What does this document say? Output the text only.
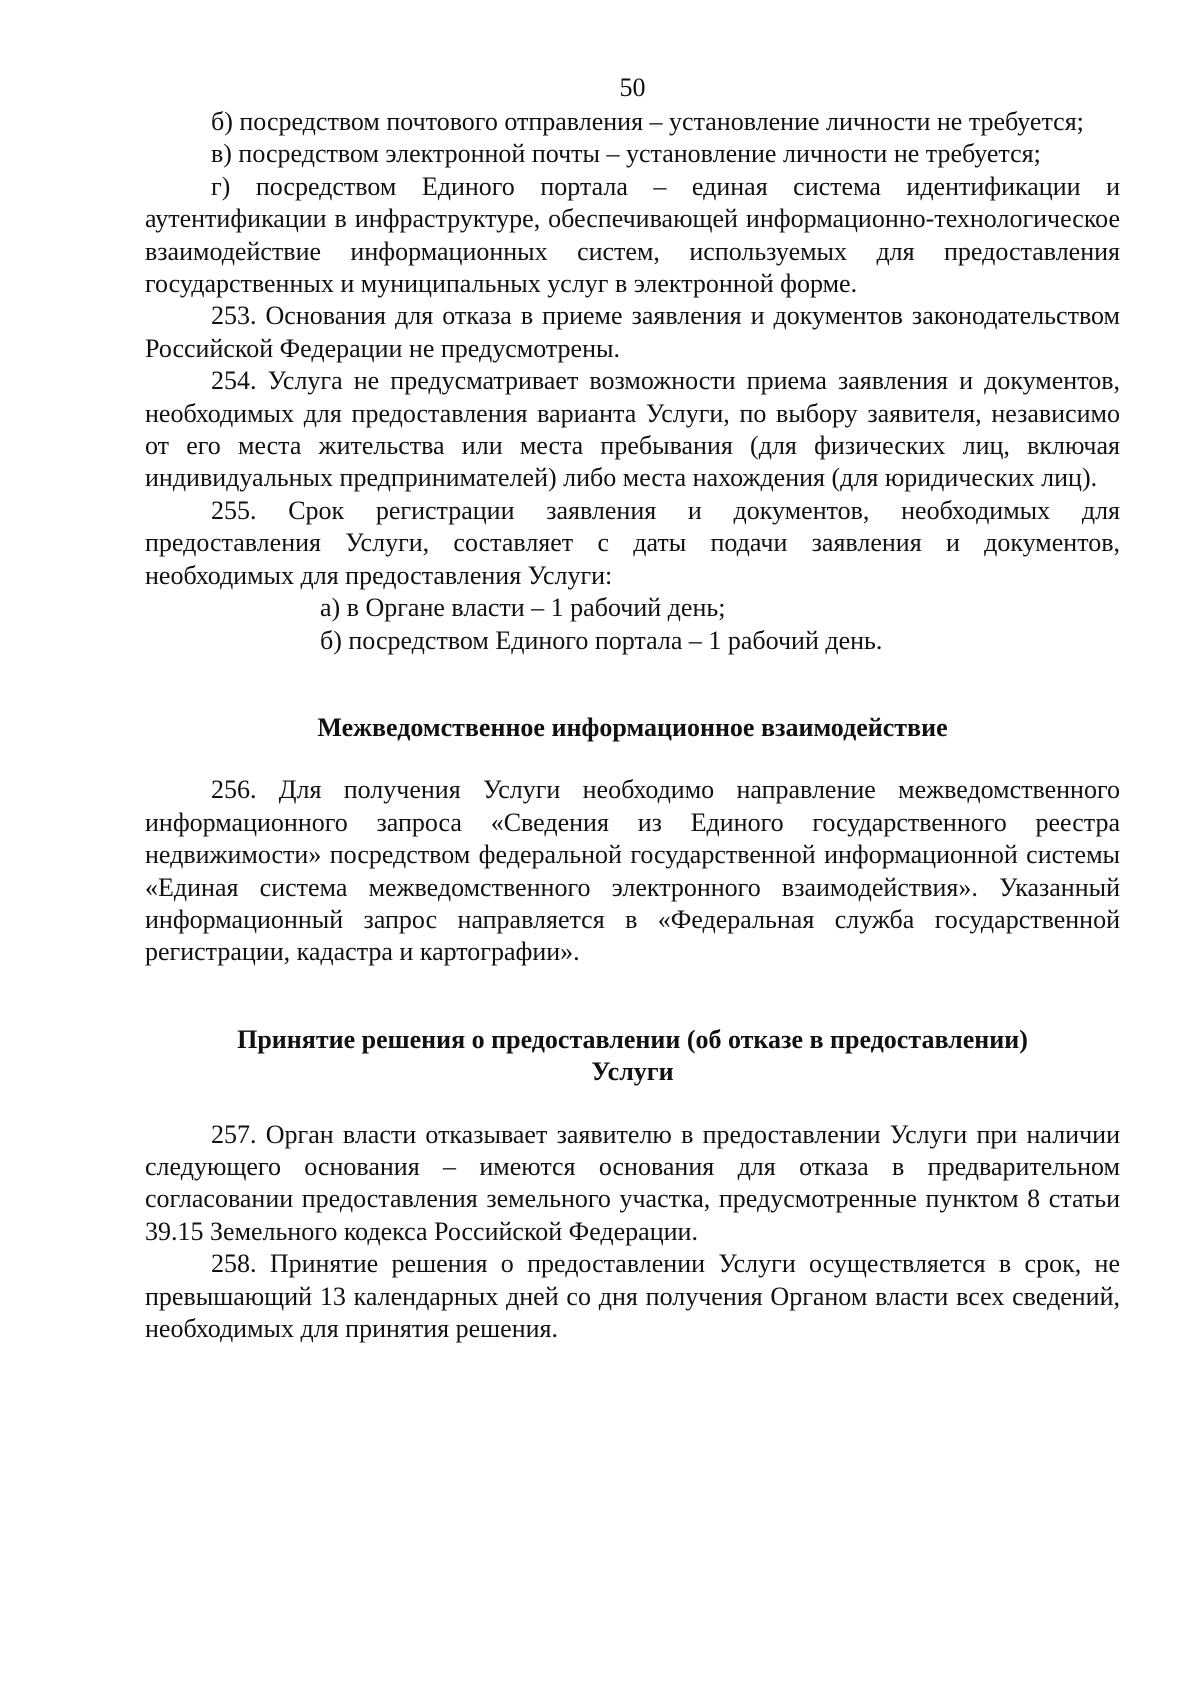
50

б) посредством почтового отправления – установление личности не требуется;

в) посредством электронной почты – установление личности не требуется;

г) посредством Единого портала – единая система идентификации и аутентификации в инфраструктуре, обеспечивающей информационно-технологическое взаимодействие информационных систем, используемых для предоставления государственных и муниципальных услуг в электронной форме.

253. Основания для отказа в приеме заявления и документов законодательством Российской Федерации не предусмотрены.

254. Услуга не предусматривает возможности приема заявления и документов, необходимых для предоставления варианта Услуги, по выбору заявителя, независимо от его места жительства или места пребывания (для физических лиц, включая индивидуальных предпринимателей) либо места нахождения (для юридических лиц).

255. Срок регистрации заявления и документов, необходимых для предоставления Услуги, составляет с даты подачи заявления и документов, необходимых для предоставления Услуги:

а) в Органе власти – 1 рабочий день;

б) посредством Единого портала – 1 рабочий день.

Межведомственное информационное взаимодействие

256. Для получения Услуги необходимо направление межведомственного информационного запроса «Сведения из Единого государственного реестра недвижимости» посредством федеральной государственной информационной системы «Единая система межведомственного электронного взаимодействия». Указанный информационный запрос направляется в «Федеральная служба государственной регистрации, кадастра и картографии».

Принятие решения о предоставлении (об отказе в предоставлении)
Услуги

257. Орган власти отказывает заявителю в предоставлении Услуги при наличии следующего основания – имеются основания для отказа в предварительном согласовании предоставления земельного участка, предусмотренные пунктом 8 статьи 39.15 Земельного кодекса Российской Федерации.

258. Принятие решения о предоставлении Услуги осуществляется в срок, не превышающий 13 календарных дней со дня получения Органом власти всех сведений, необходимых для принятия решения.
